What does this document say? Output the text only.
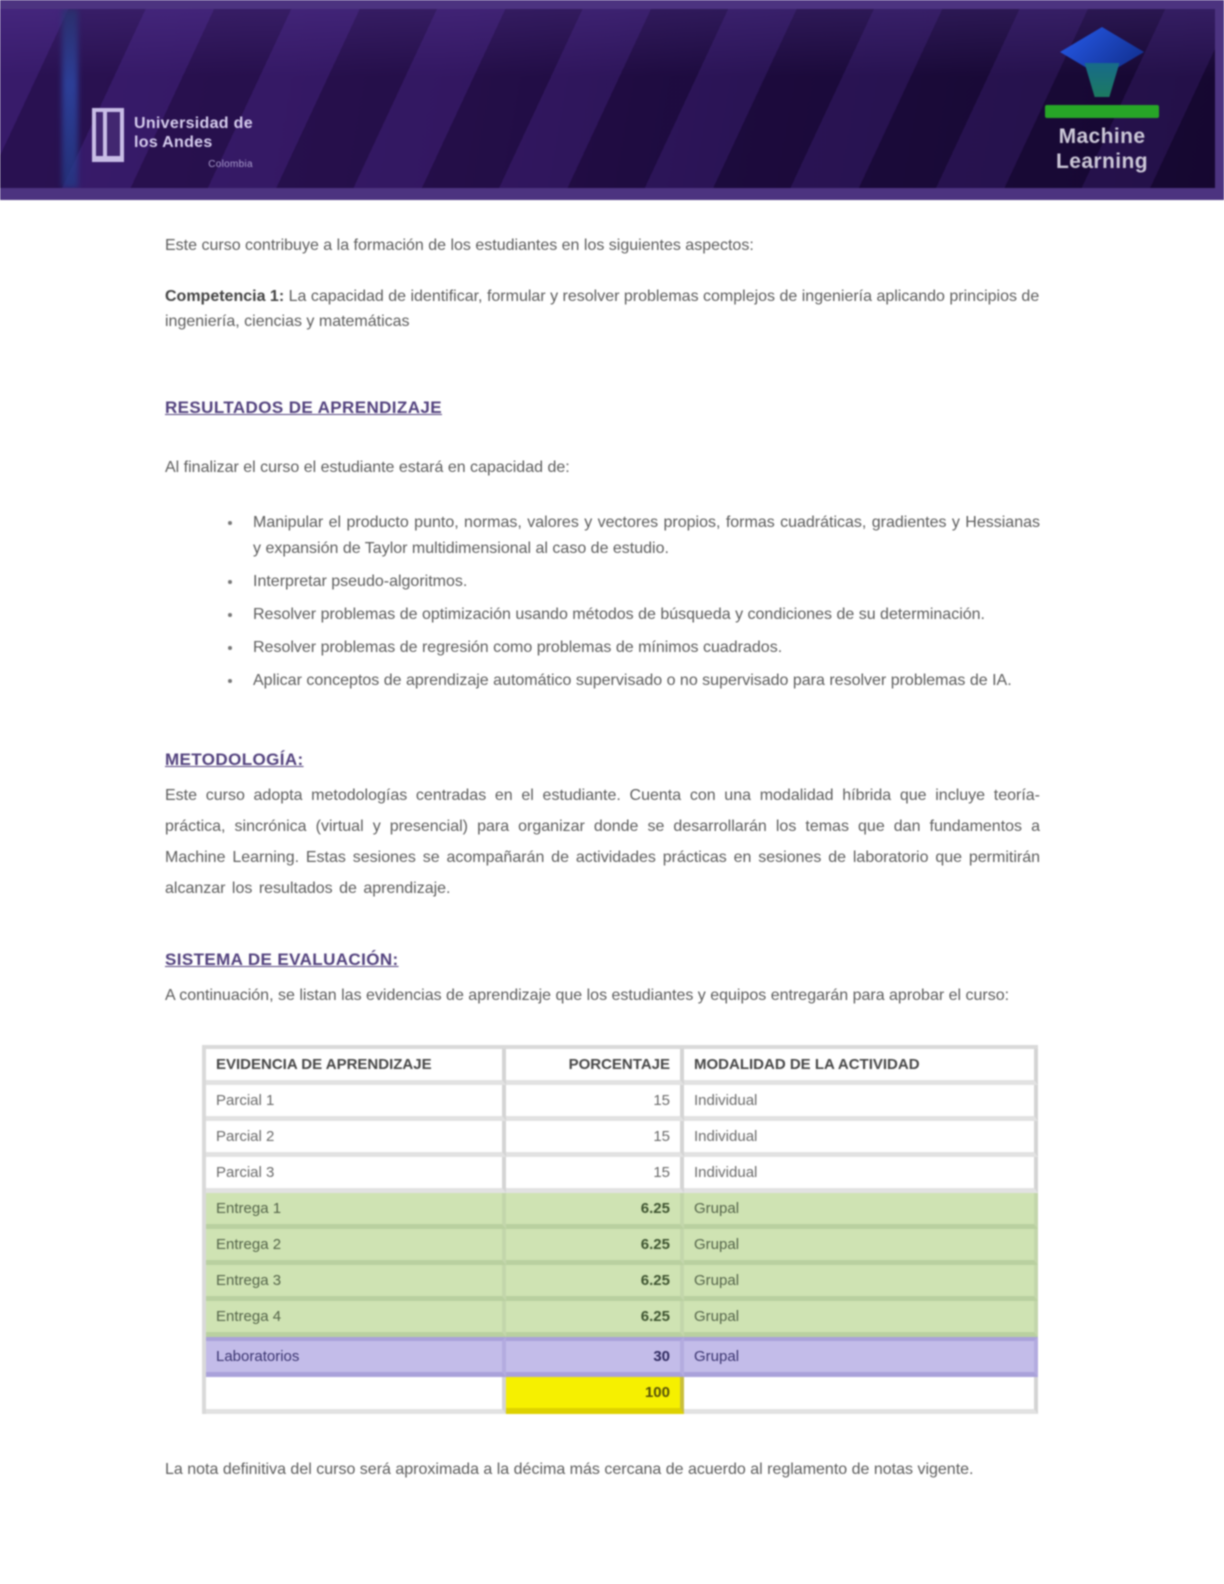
Universidad de
los Andes
Colombia
Machine
Learning

Este curso contribuye a la formación de los estudiantes en los siguientes aspectos:

Competencia 1: La capacidad de identificar, formular y resolver problemas complejos de ingeniería aplicando principios de ingeniería, ciencias y matemáticas

RESULTADOS DE APRENDIZAJE

Al finalizar el curso el estudiante estará en capacidad de:

• Manipular el producto punto, normas, valores y vectores propios, formas cuadráticas, gradientes y Hessianas y expansión de Taylor multidimensional al caso de estudio.
• Interpretar pseudo-algoritmos.
• Resolver problemas de optimización usando métodos de búsqueda y condiciones de su determinación.
• Resolver problemas de regresión como problemas de mínimos cuadrados.
• Aplicar conceptos de aprendizaje automático supervisado o no supervisado para resolver problemas de IA.
METODOLOGÍA:

Este curso adopta metodologías centradas en el estudiante. Cuenta con una modalidad híbrida que incluye teoría-práctica, sincrónica (virtual y presencial) para organizar donde se desarrollarán los temas que dan fundamentos a Machine Learning. Estas sesiones se acompañarán de actividades prácticas en sesiones de laboratorio que permitirán alcanzar los resultados de aprendizaje.

SISTEMA DE EVALUACIÓN:

A continuación, se listan las evidencias de aprendizaje que los estudiantes y equipos entregarán para aprobar el curso:

EVIDENCIA DE APRENDIZAJE	PORCENTAJE	MODALIDAD DE LA ACTIVIDAD
Parcial 1	15	Individual
Parcial 2	15	Individual
Parcial 3	15	Individual
Entrega 1	6.25	Grupal
Entrega 2	6.25	Grupal
Entrega 3	6.25	Grupal
Entrega 4	6.25	Grupal
Laboratorios	30	Grupal
	100	

La nota definitiva del curso será aproximada a la décima más cercana de acuerdo al reglamento de notas vigente.
